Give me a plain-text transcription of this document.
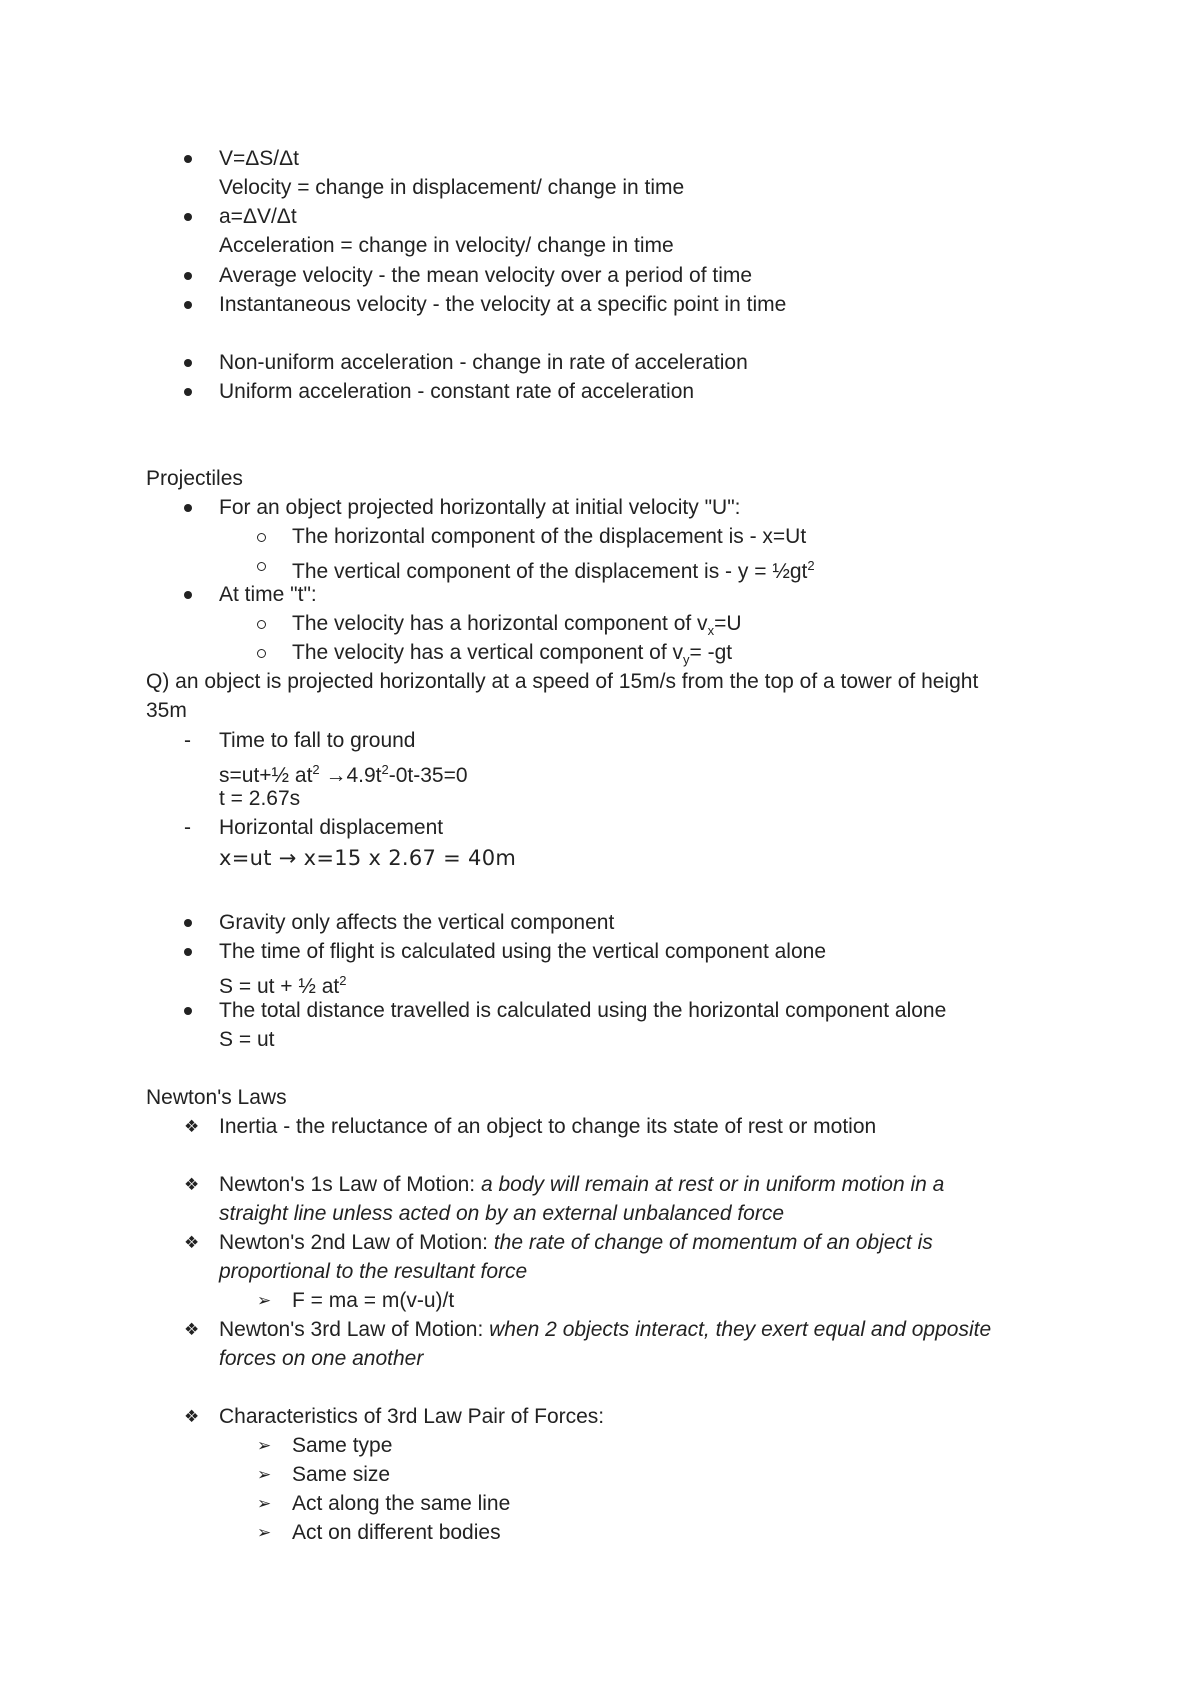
V=ΔS/Δt
Velocity = change in displacement/ change in time
a=ΔV/Δt
Acceleration = change in velocity/ change in time
Average velocity - the mean velocity over a period of time
Instantaneous velocity - the velocity at a specific point in time
Non-uniform acceleration - change in rate of acceleration
Uniform acceleration - constant rate of acceleration
Projectiles
For an object projected horizontally at initial velocity "U":
The horizontal component of the displacement is - x=Ut
The vertical component of the displacement is - $y = \frac{1}{2}gt^2$
At time "t":
The velocity has a horizontal component of $v_x=U$
The velocity has a vertical component of $v_y= -gt$
Q) an object is projected horizontally at a speed of 15m/s from the top of a tower of height
35m
- Time to fall to ground
s=ut+½ $at^2 \to 4.9t^2-0t-35=0$
t = 2.67s
- Horizontal displacement
x=ut → x=15 x 2.67 = 40m
Gravity only affects the vertical component
The time of flight is calculated using the vertical component alone
S = ut + ½ $at^2$
The total distance travelled is calculated using the horizontal component alone
S = ut
Newton's Laws
❖ Inertia - the reluctance of an object to change its state of rest or motion
❖ Newton's 1s Law of Motion: a body will remain at rest or in uniform motion in a
straight line unless acted on by an external unbalanced force
❖ Newton's 2nd Law of Motion: the rate of change of momentum of an object is
proportional to the resultant force
➢ F = ma = m(v-u)/t
❖ Newton's 3rd Law of Motion: when 2 objects interact, they exert equal and opposite
forces on one another
❖ Characteristics of 3rd Law Pair of Forces:
➢ Same type
➢ Same size
➢ Act along the same line
➢ Act on different bodies
